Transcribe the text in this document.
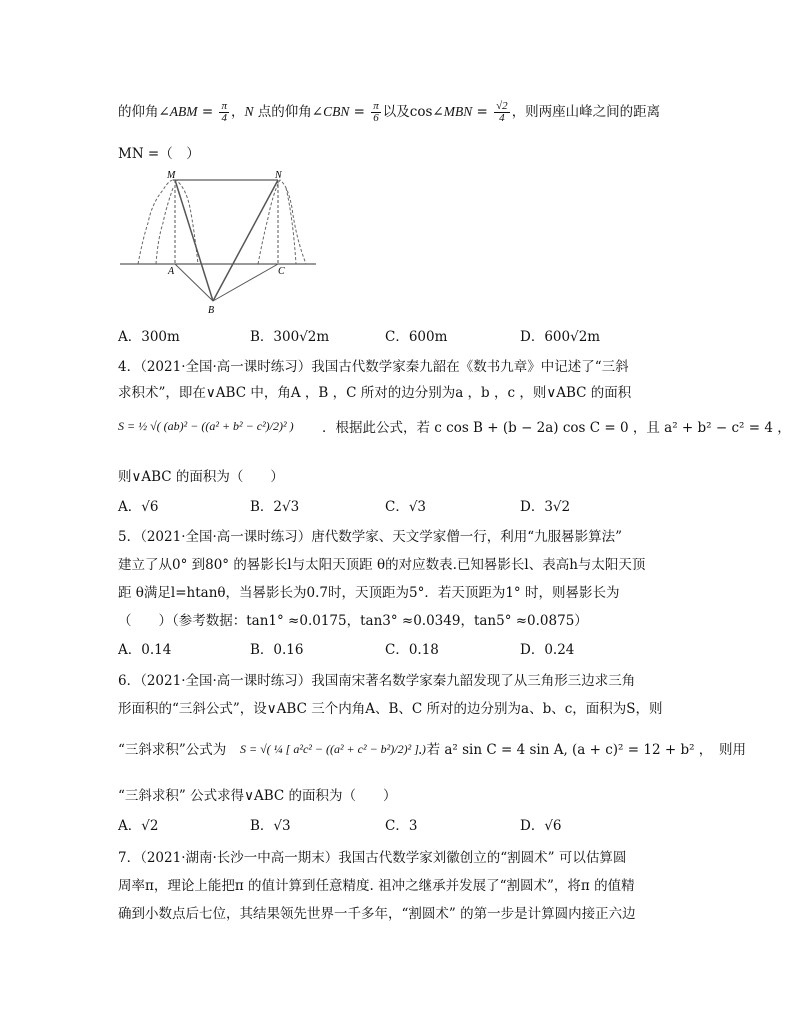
的仰角∠ABM = $\frac{\pi}{4}$ ，N 点的仰角∠CBN = $\frac{\pi}{6}$ 以及cos∠MBN = $\frac{√2}{4}$ ，则两座山峰之间的距离
MN =（　）
M	N
A	C
B
A．300m	B．300√2m	C．600m	D．600√2m
4．（2021·全国·高一课时练习）我国古代数学家秦九韶在《数书九章》中记述了“三斜
求积术”，即在∨ABC 中，角A ，B ，C 所对的边分别为a ，b ，c ，则∨ABC 的面积
S = ½ √( (ab)² − ((a² + b² − c²)/2)² ) ．根据此公式，若 c cos B + (b − 2a) cos C = 0 ，且 a² + b² − c² = 4 ，
则∨ABC 的面积为（　　）
A．√6	B．2√3	C．√3	D．3√2
5．（2021·全国·高一课时练习）唐代数学家、天文学家僧一行，利用“九服晷影算法”
建立了从0° 到80° 的晷影长l与太阳天顶距 θ的对应数表.已知晷影长l、表高h与太阳天顶
距 θ满足l=htanθ，当晷影长为0.7时，天顶距为5°．若天顶距为1° 时，则晷影长为
（　　）（参考数据：tan1° ≈0.0175，tan3° ≈0.0349，tan5° ≈0.0875）
A．0.14	B．0.16	C．0.18	D．0.24
6．（2021·全国·高一课时练习）我国南宋著名数学家秦九韶发现了从三角形三边求三角
形面积的“三斜公式”，设∨ABC 三个内角A、B、C 所对的边分别为a、b、c，面积为S，则
“三斜求积”公式为 S = √( ¼ [ a²c² − ((a² + c² − b²)/2)² ] )
. 若 a² sin C = 4 sin A, (a + c)² = 12 + b² ，　则用
“三斜求积” 公式求得∨ABC 的面积为（　　）
A．√2	B．√3	C．3	D．√6
7．（2021·湖南·长沙一中高一期末）我国古代数学家刘徽创立的“割圆术” 可以估算圆
周率π，理论上能把π 的值计算到任意精度. 祖冲之继承并发展了“割圆术”，将π 的值精
确到小数点后七位，其结果领先世界一千多年，“割圆术” 的第一步是计算圆内接正六边
